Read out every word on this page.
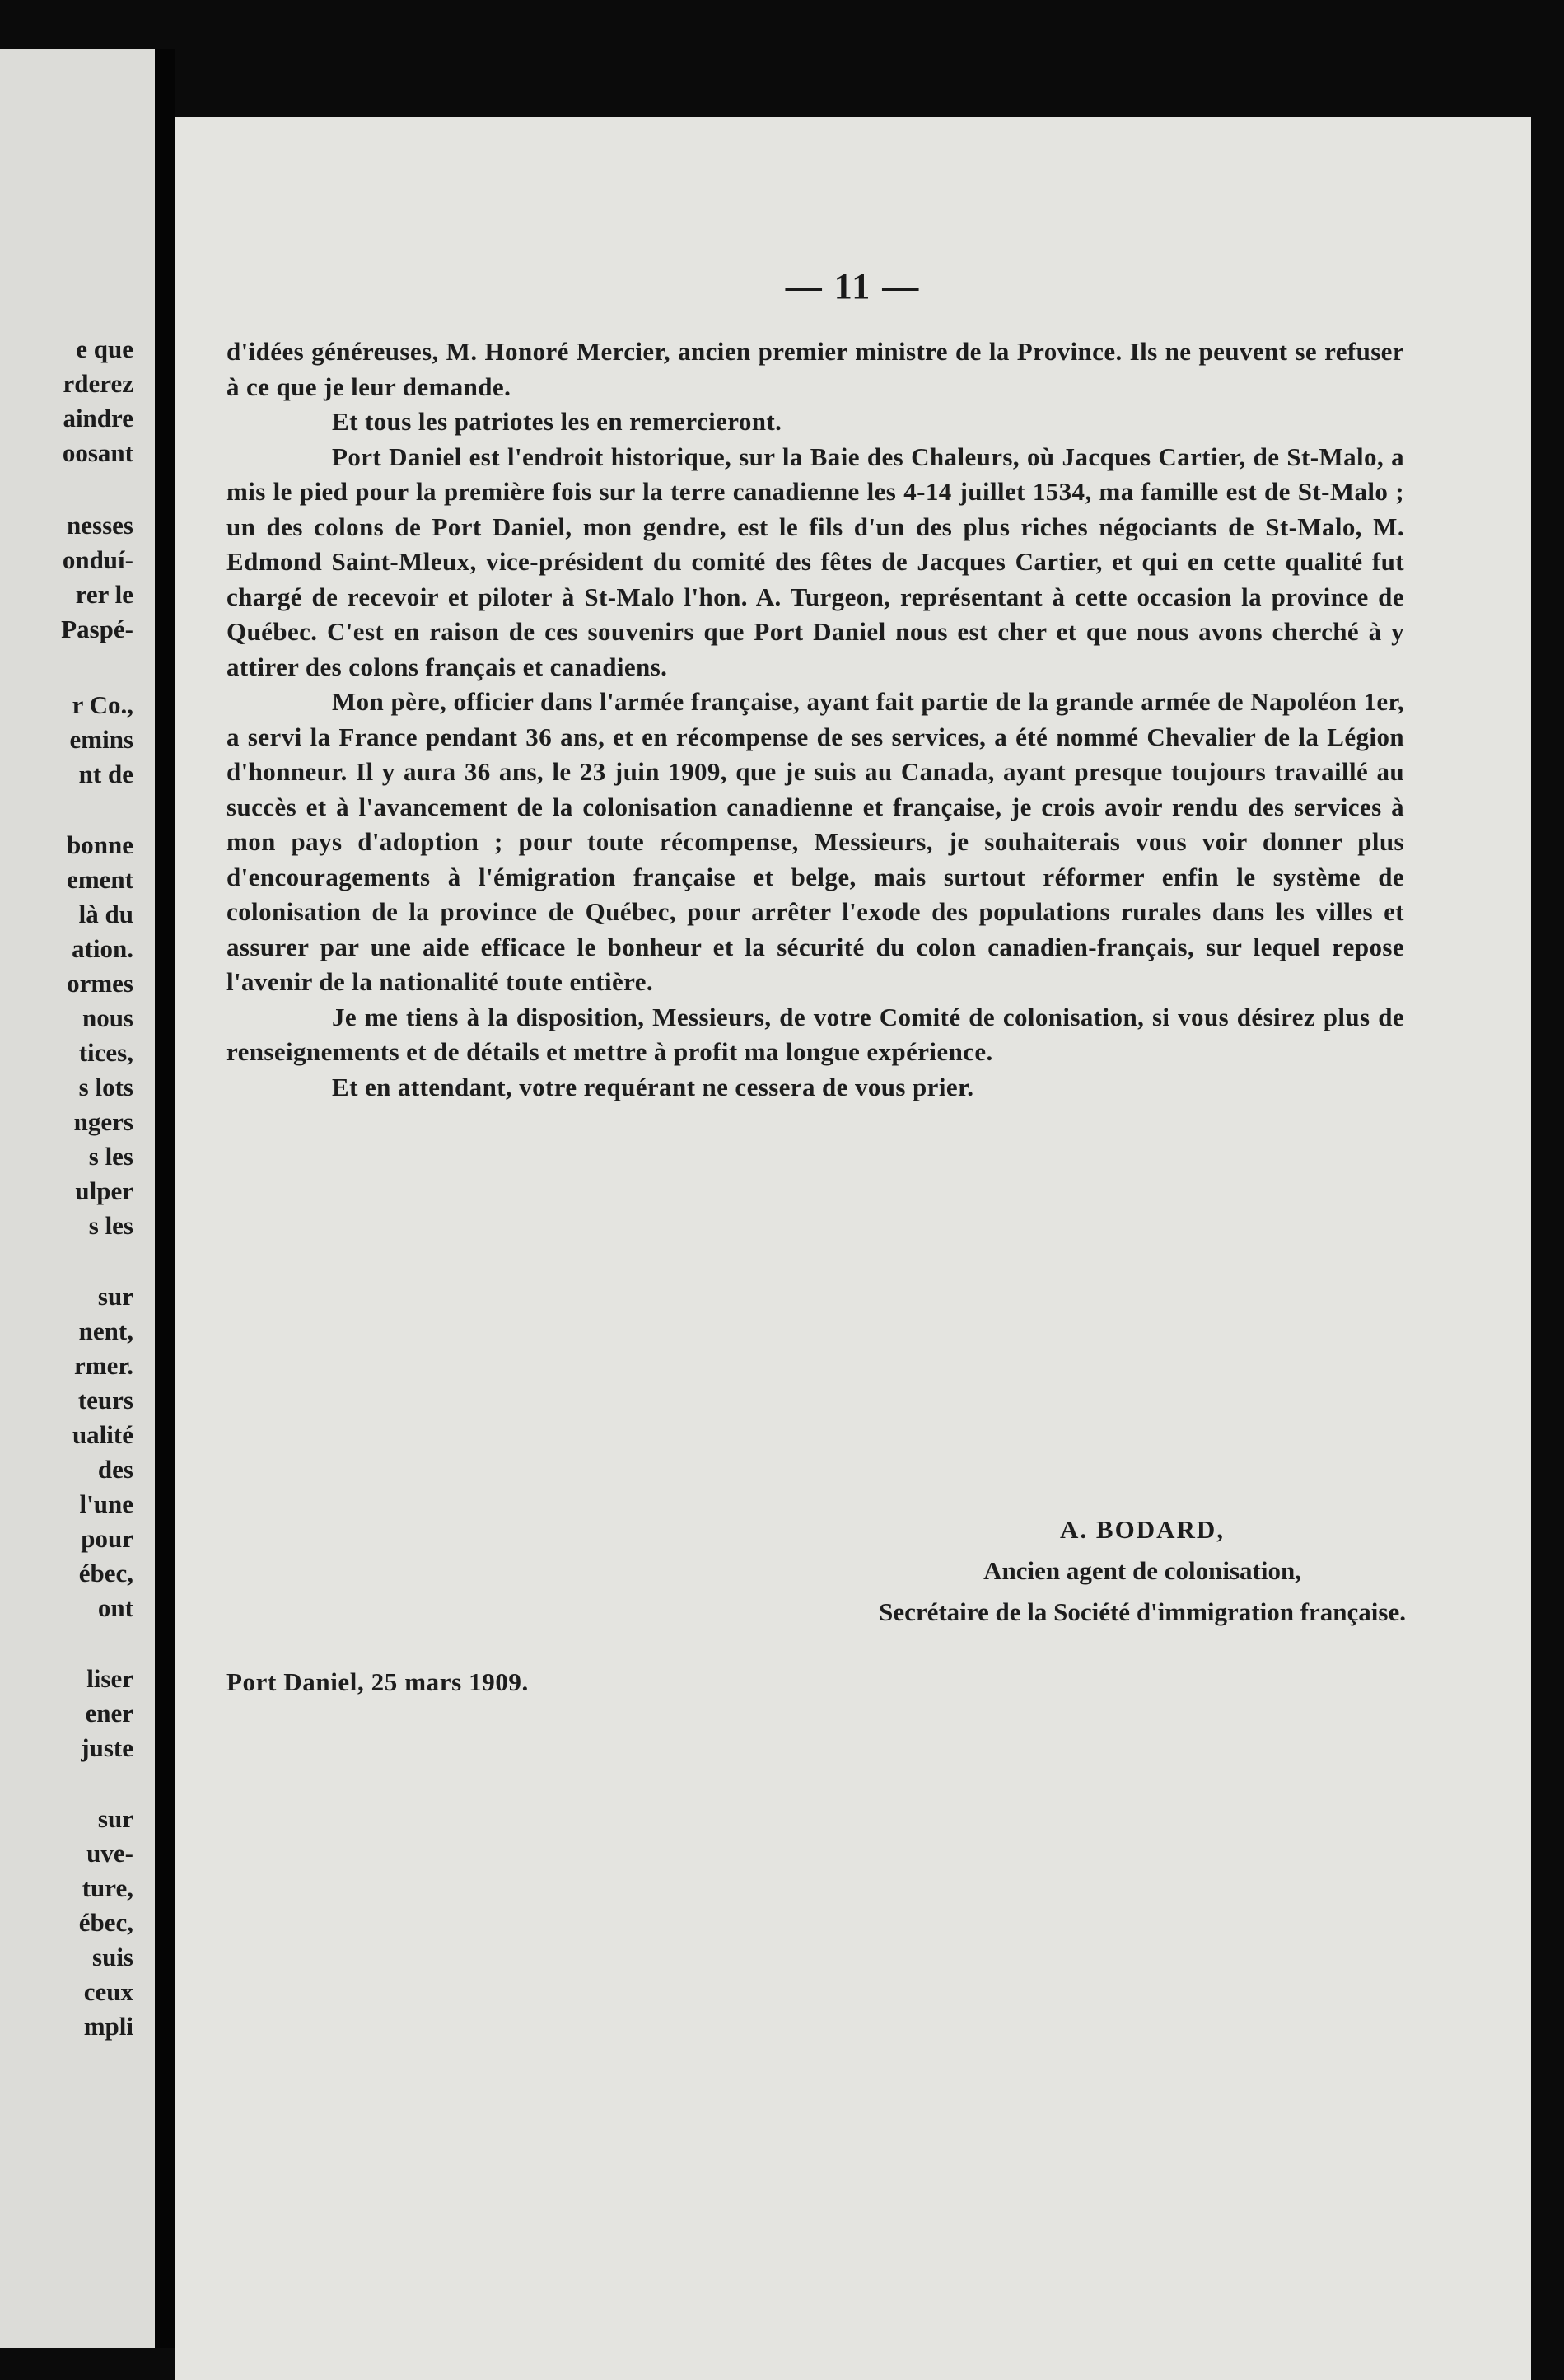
e que
rderez
aindre
oosant
nesses
onduí-
rer le
Paspé-
r Co.,
emins
nt de
bonne
ement
là du
ation.
ormes
nous
tices,
s lots
ngers
s les
ulper
s les
sur
nent,
rmer.
teurs
ualité
des
l'une
pour
ébec,
ont
liser
ener
juste
sur
uve-
ture,
ébec,
suis
ceux
mpli
— 11 —

d'idées généreuses, M. Honoré Mercier, ancien premier ministre de la Province. Ils ne peuvent se refuser à ce que je leur demande.

Et tous les patriotes les en remercieront.

Port Daniel est l'endroit historique, sur la Baie des Chaleurs, où Jacques Cartier, de St-Malo, a mis le pied pour la première fois sur la terre canadienne les 4-14 juillet 1534, ma famille est de St-Malo ; un des colons de Port Daniel, mon gendre, est le fils d'un des plus riches négociants de St-Malo, M. Edmond Saint-Mleux, vice-président du comité des fêtes de Jacques Cartier, et qui en cette qualité fut chargé de recevoir et piloter à St-Malo l'hon. A. Turgeon, représentant à cette occasion la province de Québec. C'est en raison de ces souvenirs que Port Daniel nous est cher et que nous avons cherché à y attirer des colons français et canadiens.

Mon père, officier dans l'armée française, ayant fait partie de la grande armée de Napoléon 1er, a servi la France pendant 36 ans, et en récompense de ses services, a été nommé Chevalier de la Légion d'honneur. Il y aura 36 ans, le 23 juin 1909, que je suis au Canada, ayant presque toujours travaillé au succès et à l'avancement de la colonisation canadienne et française, je crois avoir rendu des services à mon pays d'adoption ; pour toute récompense, Messieurs, je souhaiterais vous voir donner plus d'encouragements à l'émigration française et belge, mais surtout réformer enfin le système de colonisation de la province de Québec, pour arrêter l'exode des populations rurales dans les villes et assurer par une aide efficace le bonheur et la sécurité du colon canadien-français, sur lequel repose l'avenir de la nationalité toute entière.

Je me tiens à la disposition, Messieurs, de votre Comité de colonisation, si vous désirez plus de renseignements et de détails et mettre à profit ma longue expérience.

Et en attendant, votre requérant ne cessera de vous prier.

A. BODARD,
Ancien agent de colonisation,
Secrétaire de la Société d'immigration française.
Port Daniel, 25 mars 1909.
